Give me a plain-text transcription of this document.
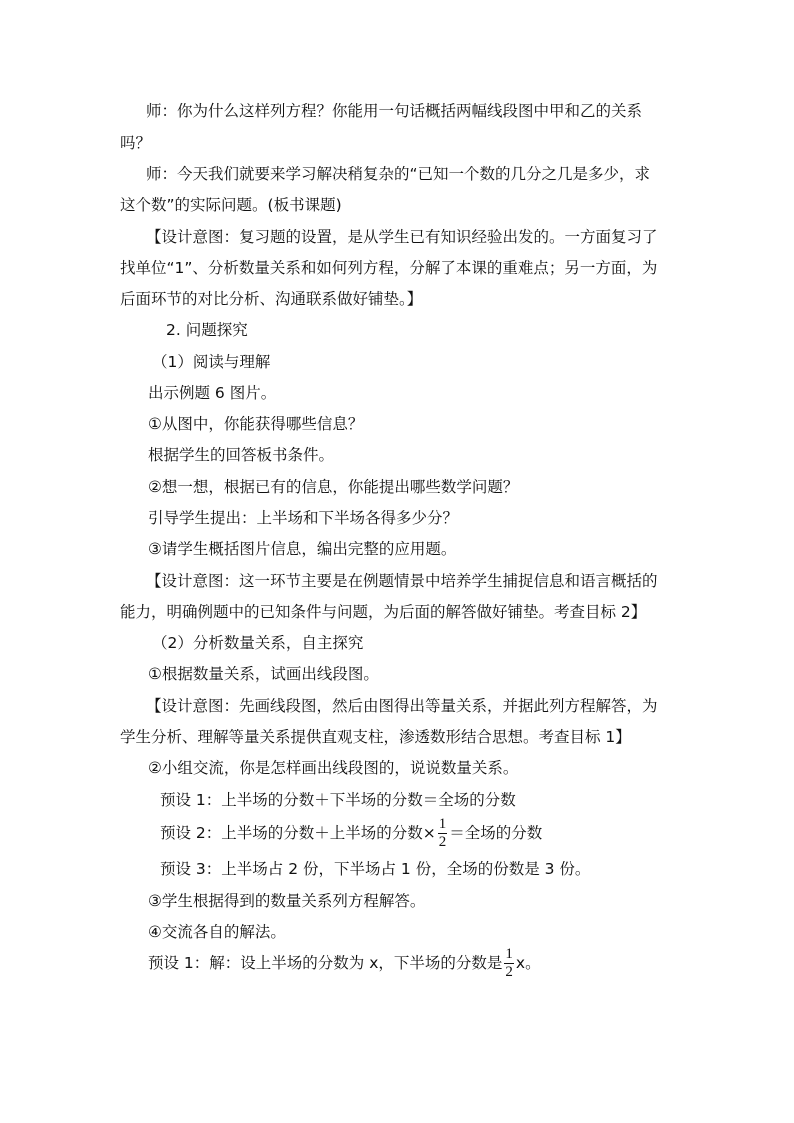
师：你为什么这样列方程？你能用一句话概括两幅线段图中甲和乙的关系
吗？
师：今天我们就要来学习解决稍复杂的“已知一个数的几分之几是多少，求
这个数”的实际问题。(板书课题)
【设计意图：复习题的设置，是从学生已有知识经验出发的。一方面复习了
找单位“1”、分析数量关系和如何列方程，分解了本课的重难点；另一方面，为
后面环节的对比分析、沟通联系做好铺垫。】
2. 问题探究
（1）阅读与理解
出示例题 6 图片。
①从图中，你能获得哪些信息？
根据学生的回答板书条件。
②想一想，根据已有的信息，你能提出哪些数学问题？
引导学生提出：上半场和下半场各得多少分？
③请学生概括图片信息，编出完整的应用题。
【设计意图：这一环节主要是在例题情景中培养学生捕捉信息和语言概括的
能力，明确例题中的已知条件与问题，为后面的解答做好铺垫。考查目标 2】
（2）分析数量关系，自主探究
①根据数量关系，试画出线段图。
【设计意图：先画线段图，然后由图得出等量关系，并据此列方程解答，为
学生分析、理解等量关系提供直观支柱，渗透数形结合思想。考查目标 1】
②小组交流，你是怎样画出线段图的，说说数量关系。
预设 1：上半场的分数＋下半场的分数＝全场的分数
预设 2：上半场的分数＋上半场的分数× $\frac{1}{2}$ ＝全场的分数
预设 3：上半场占 2 份，下半场占 1 份，全场的份数是 3 份。
③学生根据得到的数量关系列方程解答。
④交流各自的解法。
预设 1：解：设上半场的分数为 x，下半场的分数是 $\frac{1}{2}$ x。
